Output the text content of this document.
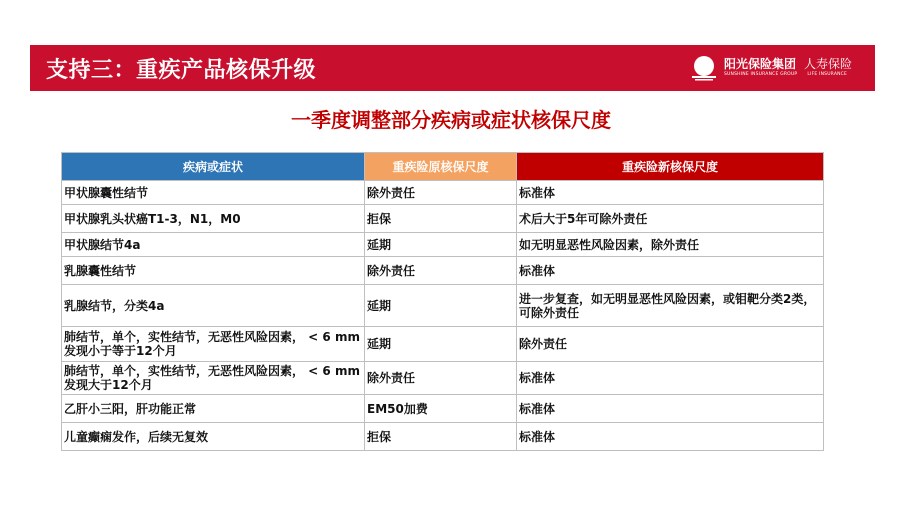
支持三：重疾产品核保升级	阳光保险集团 人寿保险
SUNSHINE INSURANCE GROUP LIFE INSURANCE
一季度调整部分疾病或症状核保尺度
疾病或症状	重疾险原核保尺度	重疾险新核保尺度
甲状腺囊性结节	除外责任	标准体
甲状腺乳头状癌T1-3，N1，M0	拒保	术后大于5年可除外责任
甲状腺结节4a	延期	如无明显恶性风险因素，除外责任
乳腺囊性结节	除外责任	标准体
乳腺结节，分类4a	延期	进一步复查，如无明显恶性风险因素，或钼靶分类2类，可除外责任
肺结节，单个，实性结节，无恶性风险因素， < 6 mm发现小于等于12个月	延期	除外责任
肺结节，单个，实性结节，无恶性风险因素， < 6 mm发现大于12个月	除外责任	标准体
乙肝小三阳，肝功能正常	EM50加费	标准体
儿童癫痫发作，后续无复效	拒保	标准体
